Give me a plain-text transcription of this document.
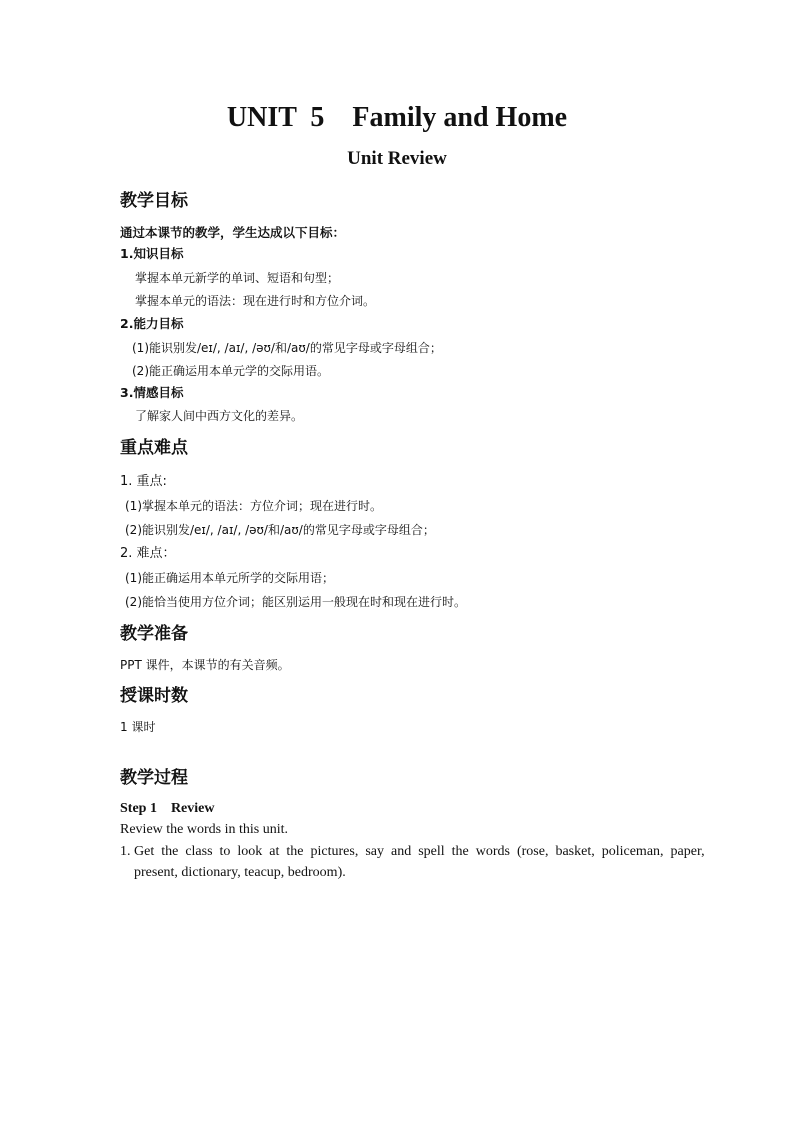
UNIT  5    Family and Home
Unit Review
教学目标
通过本课节的教学，学生达成以下目标：
1.知识目标
掌握本单元新学的单词、短语和句型；
掌握本单元的语法：现在进行时和方位介词。
2.能力目标
(1)能识别发/eɪ/, /aɪ/, /əʊ/和/aʊ/的常见字母或字母组合；
(2)能正确运用本单元学的交际用语。
3.情感目标
了解家人间中西方文化的差异。
重点难点
1. 重点:
(1)掌握本单元的语法：方位介词；现在进行时。
(2)能识别发/eɪ/, /aɪ/, /əʊ/和/aʊ/的常见字母或字母组合；
2. 难点：
(1)能正确运用本单元所学的交际用语；
(2)能恰当使用方位介词；能区别运用一般现在时和现在进行时。
教学准备
PPT 课件，本课节的有关音频。
授课时数
1 课时
教学过程
Step 1    Review
Review the words in this unit.
1. Get  the  class  to  look  at  the  pictures,  say  and  spell  the  words  (rose,  basket,  policeman,  paper,
present, dictionary, teacup, bedroom).
